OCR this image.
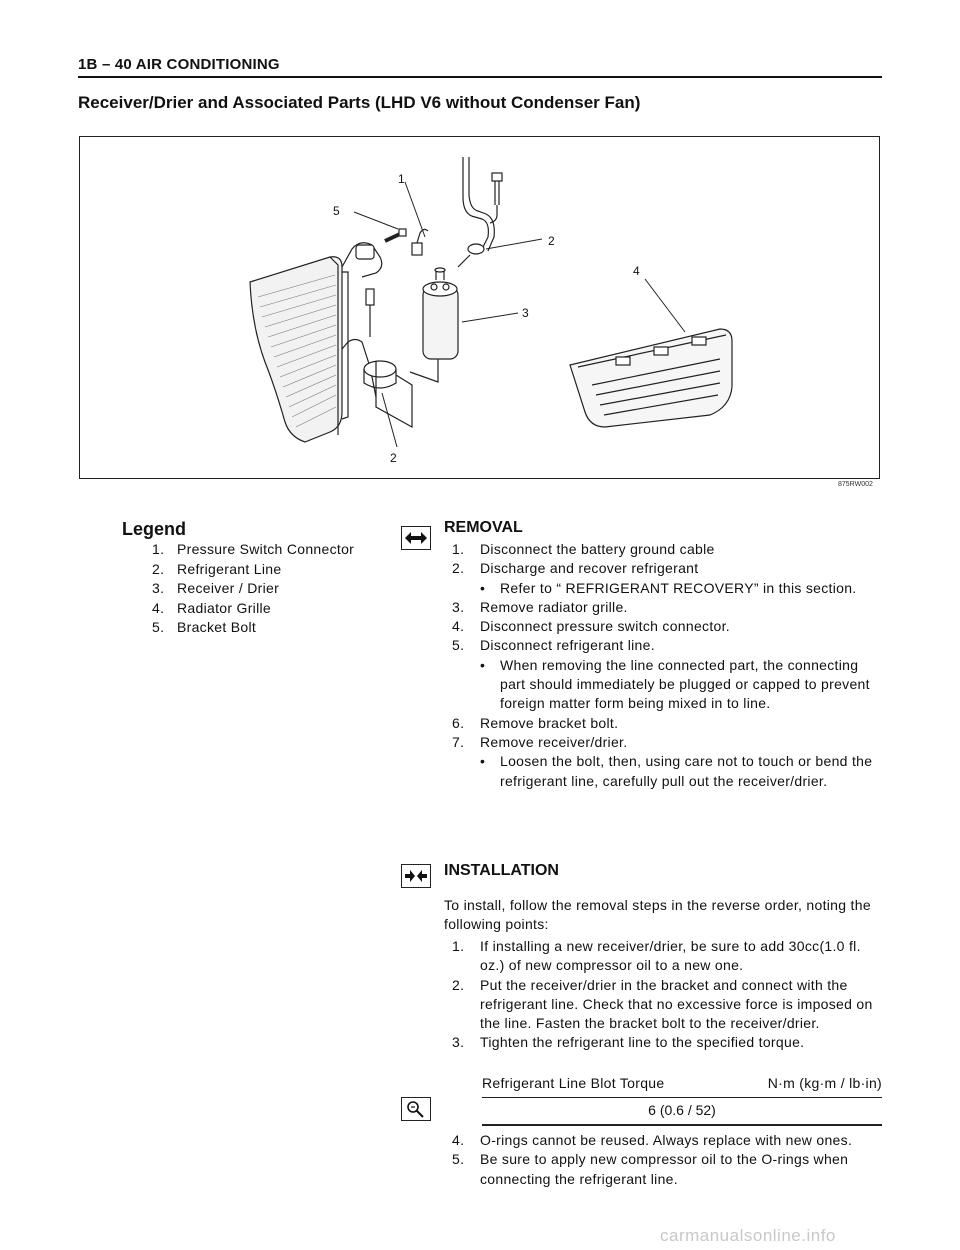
1B – 40 AIR CONDITIONING
Receiver/Drier and Associated Parts (LHD V6 without Condenser Fan)
1
5
2
4
3
2
875RW002
Legend
1. Pressure Switch Connector
2. Refrigerant Line
3. Receiver / Drier
4. Radiator Grille
5. Bracket Bolt
REMOVAL
1. Disconnect the battery ground cable
2. Discharge and recover refrigerant
• Refer to “ REFRIGERANT RECOVERY” in this section.
3. Remove radiator grille.
4. Disconnect pressure switch connector.
5. Disconnect refrigerant line.
• When removing the line connected part, the connecting part should immediately be plugged or capped to prevent foreign matter form being mixed in to line.
6. Remove bracket bolt.
7. Remove receiver/drier.
• Loosen the bolt, then, using care not to touch or bend the refrigerant line, carefully pull out the receiver/drier.
INSTALLATION
To install, follow the removal steps in the reverse order, noting the following points:
1. If installing a new receiver/drier, be sure to add 30cc(1.0 fl. oz.) of new compressor oil to a new one.
2. Put the receiver/drier in the bracket and connect with the refrigerant line. Check that no excessive force is imposed on the line. Fasten the bracket bolt to the receiver/drier.
3. Tighten the refrigerant line to the specified torque.
Refrigerant Line Blot Torque	N·m (kg·m / lb·in)
6 (0.6 / 52)
4. O-rings cannot be reused. Always replace with new ones.
5. Be sure to apply new compressor oil to the O-rings when connecting the refrigerant line.
carmanualsonline.info
